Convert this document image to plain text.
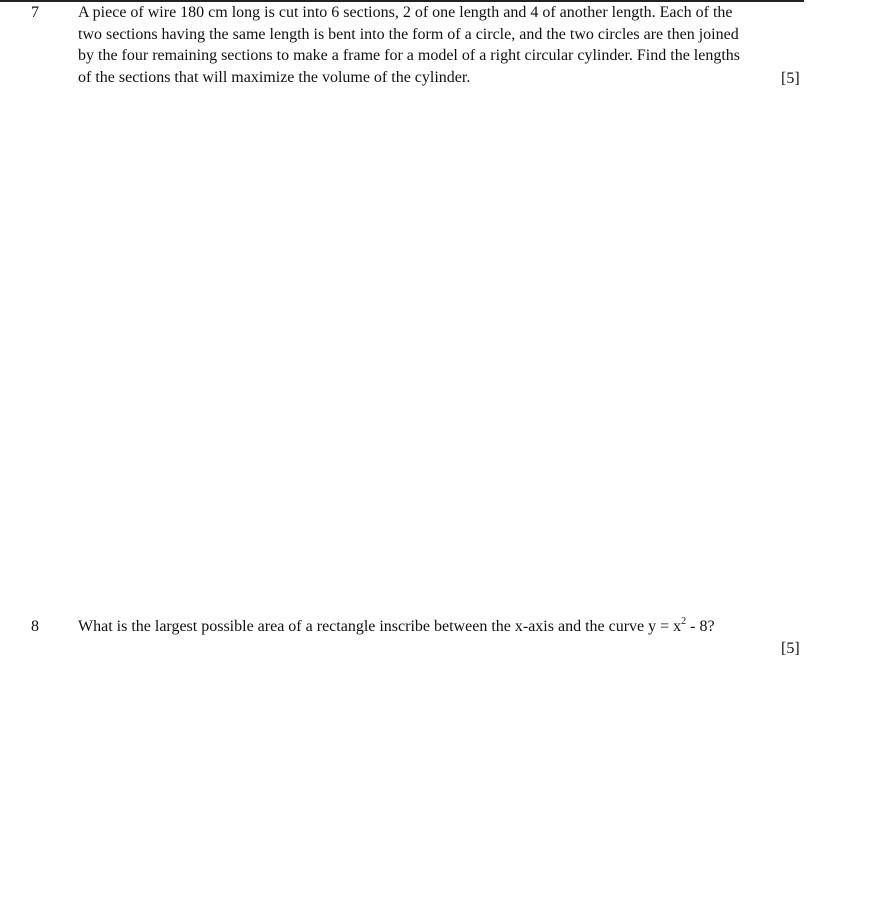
7 A piece of wire 180 cm long is cut into 6 sections, 2 of one length and 4 of another length. Each of the
two sections having the same length is bent into the form of a circle, and the two circles are then joined
by the four remaining sections to make a frame for a model of a right circular cylinder. Find the lengths
of the sections that will maximize the volume of the cylinder.	[5]
8 What is the largest possible area of a rectangle inscribe between the x-axis and the curve $y = x^2 - 8$?
[5]
